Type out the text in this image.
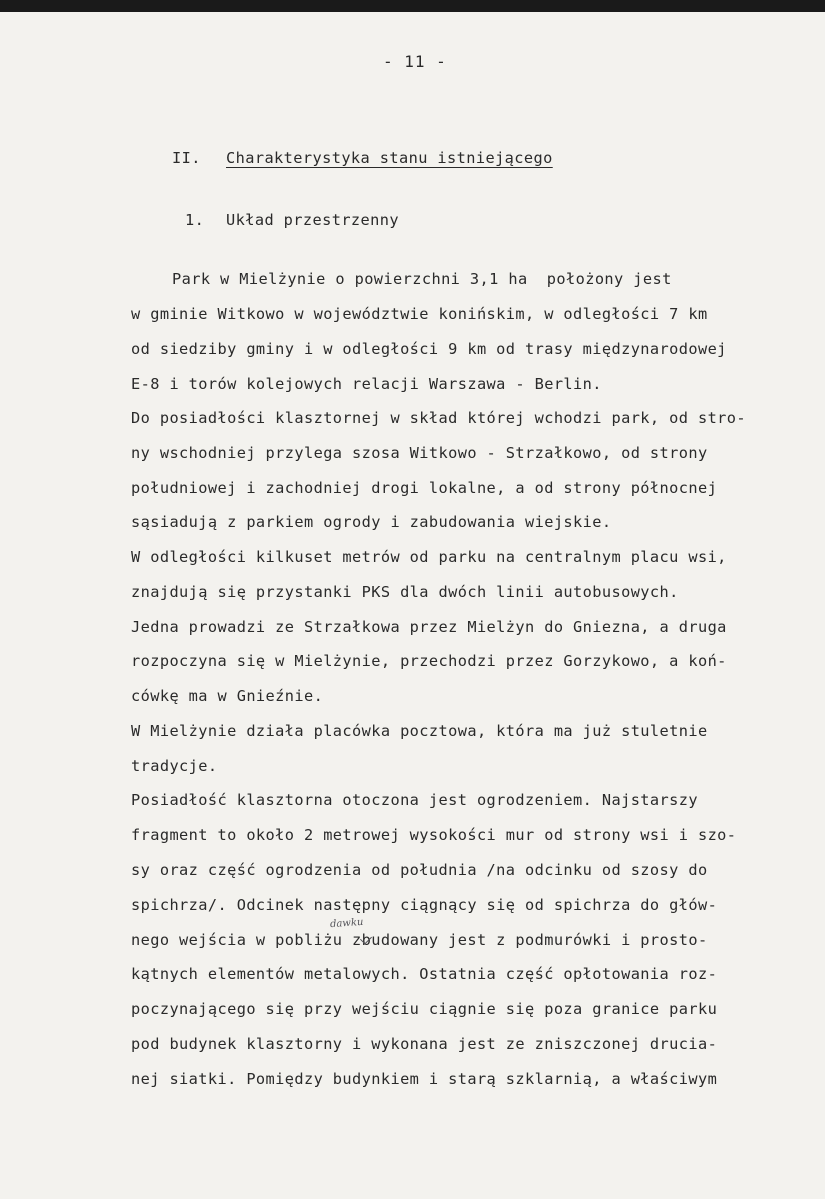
- 11 -
II. Charakterystyka stanu istniejącego
1. Układ przestrzenny
Park w Mielżynie o powierzchni 3,1 ha  położony jest
w gminie Witkowo w województwie konińskim, w odległości 7 km
od siedziby gminy i w odległości 9 km od trasy międzynarodowej
E-8 i torów kolejowych relacji Warszawa - Berlin.
Do posiadłości klasztornej w skład której wchodzi park, od stro-
ny wschodniej przylega szosa Witkowo - Strzałkowo, od strony
południowej i zachodniej drogi lokalne, a od strony północnej
sąsiadują z parkiem ogrody i zabudowania wiejskie.
W odległości kilkuset metrów od parku na centralnym placu wsi,
znajdują się przystanki PKS dla dwóch linii autobusowych.
Jedna prowadzi ze Strzałkowa przez Mielżyn do Gniezna, a druga
rozpoczyna się w Mielżynie, przechodzi przez Gorzykowo, a koń-
cówkę ma w Gnieźnie.
W Mielżynie działa placówka pocztowa, która ma już stuletnie
tradycje.
Posiadłość klasztorna otoczona jest ogrodzeniem. Najstarszy
fragment to około 2 metrowej wysokości mur od strony wsi i szo-
sy oraz część ogrodzenia od południa /na odcinku od szosy do
spichrza/. Odcinek następny ciągnący się od spichrza do głów-
nego wejścia w pobliżu zbudowany jest z podmurówki i prosto-
kątnych elementów metalowych. Ostatnia część opłotowania roz-
poczynającego się przy wejściu ciągnie się poza granice parku
pod budynek klasztorny i wykonana jest ze zniszczonej drucia-
nej siatki. Pomiędzy budynkiem i starą szklarnią, a właściwym
dawku
